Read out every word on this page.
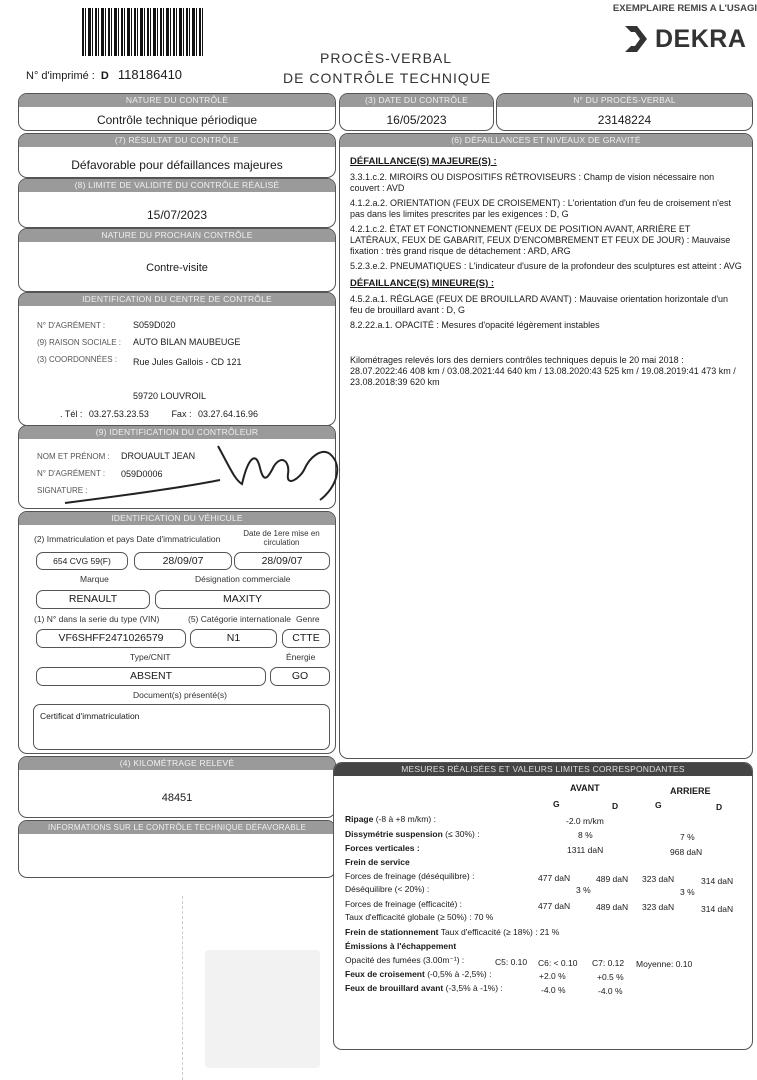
EXEMPLAIRE REMIS A L'USAGI
DEKRA
PROCÈS-VERBAL
DE CONTRÔLE TECHNIQUE
N° d'imprimé : D 118186410
NATURE DU CONTRÔLE
Contrôle technique périodique
(3) DATE DU CONTRÔLE
16/05/2023
N° DU PROCÈS-VERBAL
23148224
(7) RÉSULTAT DU CONTRÔLE
Défavorable pour défaillances majeures
(8) LIMITE DE VALIDITÉ DU CONTRÔLE RÉALISÉ
15/07/2023
NATURE DU PROCHAIN CONTRÔLE
Contre-visite
IDENTIFICATION DU CENTRE DE CONTRÔLE
N° D'AGRÉMENT :	S059D020
(9) RAISON SOCIALE : AUTO BILAN MAUBEUGE
(3) COORDONNÉES : Rue Jules Gallois - CD 121
59720 LOUVROIL
. Tél : 03.27.53.23.53	Fax : 03.27.64.16.96
(9) IDENTIFICATION DU CONTRÔLEUR
NOM ET PRÉNOM : DROUAULT JEAN
N° D'AGRÉMENT : 059D0006
SIGNATURE :
IDENTIFICATION DU VÉHICULE
(2) Immatriculation et pays Date d'immatriculation
Date de 1ere mise en circulation
654 CVG 59(F)	28/09/07	28/09/07
Marque	Désignation commerciale
RENAULT	MAXITY
(1) N° dans la serie du type (VIN)	(5) Catégorie internationale Genre
VF6SHFF2471026579	N1	CTTE
Type/CNIT	Énergie
ABSENT	GO
Document(s) présenté(s)
Certificat d'immatriculation
(4) KILOMÉTRAGE RELEVÉ
48451
INFORMATIONS SUR LE CONTRÔLE TECHNIQUE DÉFAVORABLE
(6) DÉFAILLANCES ET NIVEAUX DE GRAVITÉ
DÉFAILLANCE(S) MAJEURE(S) :

3.3.1.c.2. MIROIRS OU DISPOSITIFS RÉTROVISEURS : Champ de vision nécessaire non couvert : AVD

4.1.2.a.2. ORIENTATION (FEUX DE CROISEMENT) : L'orientation d'un feu de croisement n'est pas dans les limites prescrites par les exigences : D, G

4.2.1.c.2. ÉTAT ET FONCTIONNEMENT (FEUX DE POSITION AVANT, ARRIÈRE ET LATÉRAUX, FEUX DE GABARIT, FEUX D'ENCOMBREMENT ET FEUX DE JOUR) : Mauvaise fixation : très grand risque de détachement : ARD, ARG

5.2.3.e.2. PNEUMATIQUES : L'indicateur d'usure de la profondeur des sculptures est atteint : AVG

DÉFAILLANCE(S) MINEURE(S) :

4.5.2.a.1. RÉGLAGE (FEUX DE BROUILLARD AVANT) : Mauvaise orientation horizontale d'un feu de brouillard avant : D, G

8.2.22.a.1. OPACITÉ : Mesures d'opacité légèrement instables

Kilométrages relevés lors des derniers contrôles techniques depuis le 20 mai 2018 : 28.07.2022:46 408 km / 03.08.2021:44 640 km / 13.08.2020:43 525 km / 19.08.2019:41 473 km / 23.08.2018:39 620 km

MESURES RÉALISÉES ET VALEURS LIMITES CORRESPONDANTES
AVANT	ARRIERE
G	D	G	D
Ripage (-8 à +8 m/km) :	-2.0 m/km
Dissymétrie suspension (≤ 30%) :	8 %	7 %
Forces verticales :	1311 daN	968 daN
Frein de service
Forces de freinage (déséquilibre) :	477 daN	489 daN 323 daN	314 daN
Déséquilibre (< 20%) :	3 %	3 %
Forces de freinage (efficacité) :	477 daN	489 daN 323 daN	314 daN
Taux d'efficacité globale (≥ 50%) : 70 %
Frein de stationnement Taux d'efficacité (≥ 18%) : 21 %
Émissions à l'échappement
Opacité des fumées (3.00m⁻¹) :	C5: 0.10 C6: < 0.10 C7: 0.12 Moyenne: 0.10
Feux de croisement (-0,5% à -2,5%) :	+2.0 %	+0.5 %
Feux de brouillard avant (-3,5% à -1%) :	-4.0 %	-4.0 %
